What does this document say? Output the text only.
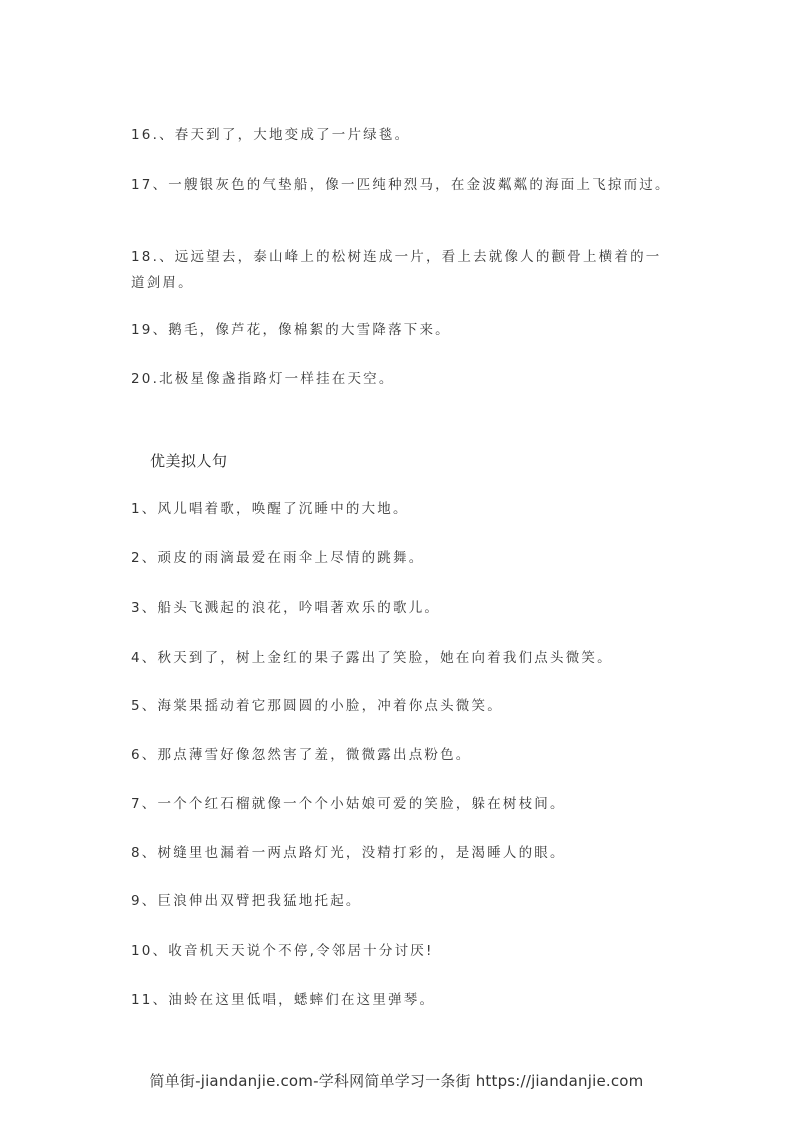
16.、春天到了，大地变成了一片绿毯。
17、一艘银灰色的气垫船，像一匹纯种烈马，在金波粼粼的海面上飞掠而过。
18.、远远望去，泰山峰上的松树连成一片，看上去就像人的颧骨上横着的一道剑眉。
19、鹅毛，像芦花，像棉絮的大雪降落下来。
20.北极星像盏指路灯一样挂在天空。
优美拟人句
1、风儿唱着歌，唤醒了沉睡中的大地。
2、顽皮的雨滴最爱在雨伞上尽情的跳舞。
3、船头飞溅起的浪花，吟唱著欢乐的歌儿。
4、秋天到了，树上金红的果子露出了笑脸，她在向着我们点头微笑。
5、海棠果摇动着它那圆圆的小脸，冲着你点头微笑。
6、那点薄雪好像忽然害了羞，微微露出点粉色。
7、一个个红石榴就像一个个小姑娘可爱的笑脸，躲在树枝间。
8、树缝里也漏着一两点路灯光，没精打彩的，是渴睡人的眼。
9、巨浪伸出双臂把我猛地托起。
10、收音机天天说个不停,令邻居十分讨厌!
11、油蛉在这里低唱，蟋蟀们在这里弹琴。
简单街-jiandanjie.com-学科网简单学习一条街 https://jiandanjie.com
